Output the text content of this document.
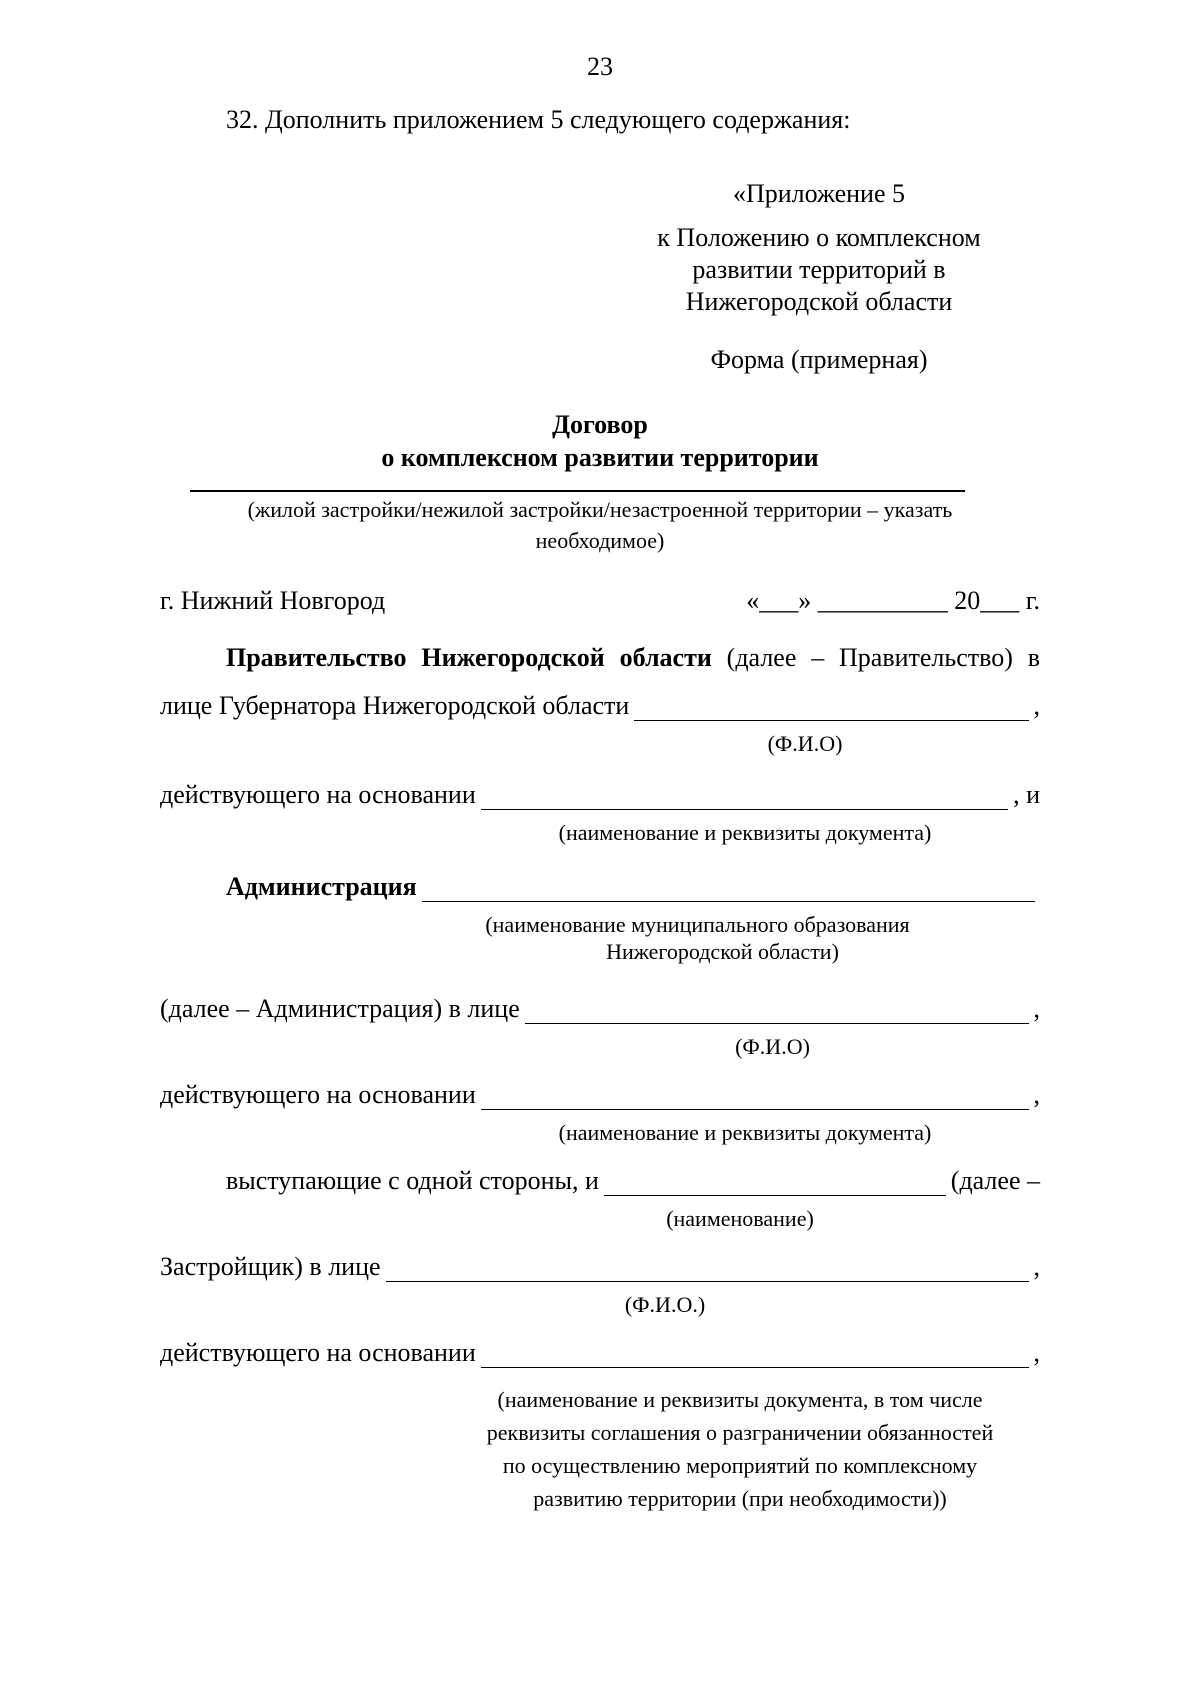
23
32. Дополнить приложением 5 следующего содержания:
«Приложение 5
к Положению о комплексном
развитии территорий в
Нижегородской области
Форма (примерная)
Договор
о комплексном развитии территории
(жилой застройки/нежилой застройки/незастроенной территории – указать
необходимое)
г. Нижний Новгород	«___» __________ 20___ г.
Правительство Нижегородской области (далее – Правительство) в
лице Губернатора Нижегородской области	,
(Ф.И.О)
действующего на основании	, и
(наименование и реквизиты документа)
Администрация
(наименование муниципального образования
Нижегородской области)
(далее – Администрация) в лице	,
(Ф.И.О)
действующего на основании	,
(наименование и реквизиты документа)
выступающие с одной стороны, и	(далее –
(наименование)
Застройщик) в лице	,
(Ф.И.О.)
действующего на основании	,
(наименование и реквизиты документа, в том числе
реквизиты соглашения о разграничении обязанностей
по осуществлению мероприятий по комплексному
развитию территории (при необходимости))
